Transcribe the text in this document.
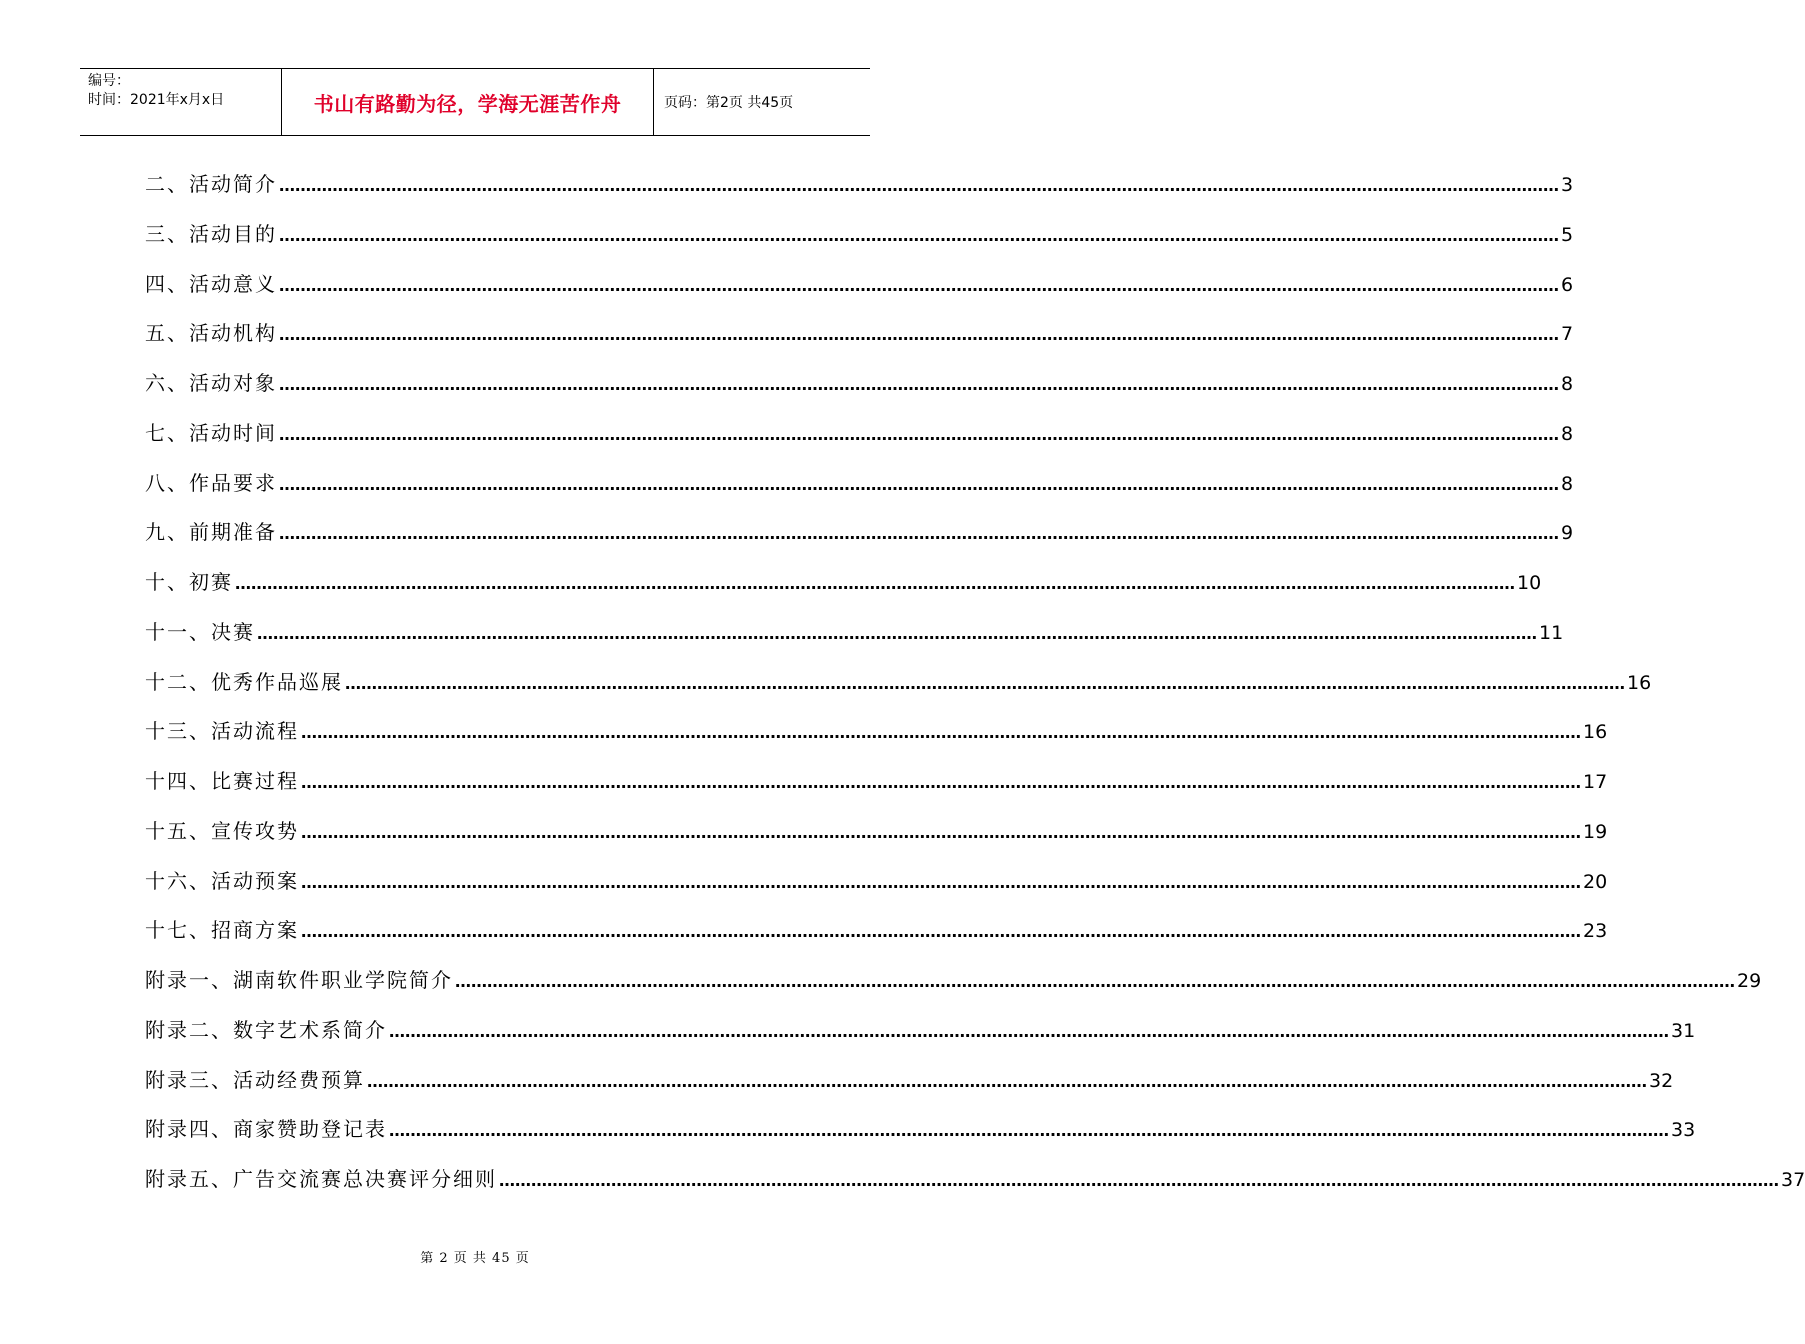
编号：
时间：2021年x月x日	书山有路勤为径，学海无涯苦作舟	页码：第2页 共45页
二、活动简介 …………………………………………………………………………………………………………………………………………………………………………………………………………………… 3
三、活动目的 …………………………………………………………………………………………………………………………………………………………………………………………………………………… 5
四、活动意义 …………………………………………………………………………………………………………………………………………………………………………………………………………………… 6
五、活动机构 …………………………………………………………………………………………………………………………………………………………………………………………………………………… 7
六、活动对象 …………………………………………………………………………………………………………………………………………………………………………………………………………………… 8
七、活动时间 …………………………………………………………………………………………………………………………………………………………………………………………………………………… 8
八、作品要求 …………………………………………………………………………………………………………………………………………………………………………………………………………………… 8
九、前期准备 …………………………………………………………………………………………………………………………………………………………………………………………………………………… 9
十、初赛 …………………………………………………………………………………………………………………………………………………………………………………………………………………… 10
十一、决赛 …………………………………………………………………………………………………………………………………………………………………………………………………………………… 11
十二、优秀作品巡展 …………………………………………………………………………………………………………………………………………………………………………………………………………………… 16
十三、活动流程 …………………………………………………………………………………………………………………………………………………………………………………………………………………… 16
十四、比赛过程 …………………………………………………………………………………………………………………………………………………………………………………………………………………… 17
十五、宣传攻势 …………………………………………………………………………………………………………………………………………………………………………………………………………………… 19
十六、活动预案 …………………………………………………………………………………………………………………………………………………………………………………………………………………… 20
十七、招商方案 …………………………………………………………………………………………………………………………………………………………………………………………………………………… 23
附录一、湖南软件职业学院简介 …………………………………………………………………………………………………………………………………………………………………………………………………………………… 29
附录二、数字艺术系简介 …………………………………………………………………………………………………………………………………………………………………………………………………………………… 31
附录三、活动经费预算 …………………………………………………………………………………………………………………………………………………………………………………………………………………… 32
附录四、商家赞助登记表 …………………………………………………………………………………………………………………………………………………………………………………………………………………… 33
附录五、广告交流赛总决赛评分细则 …………………………………………………………………………………………………………………………………………………………………………………………………………………… 37
第 2 页 共 45 页
